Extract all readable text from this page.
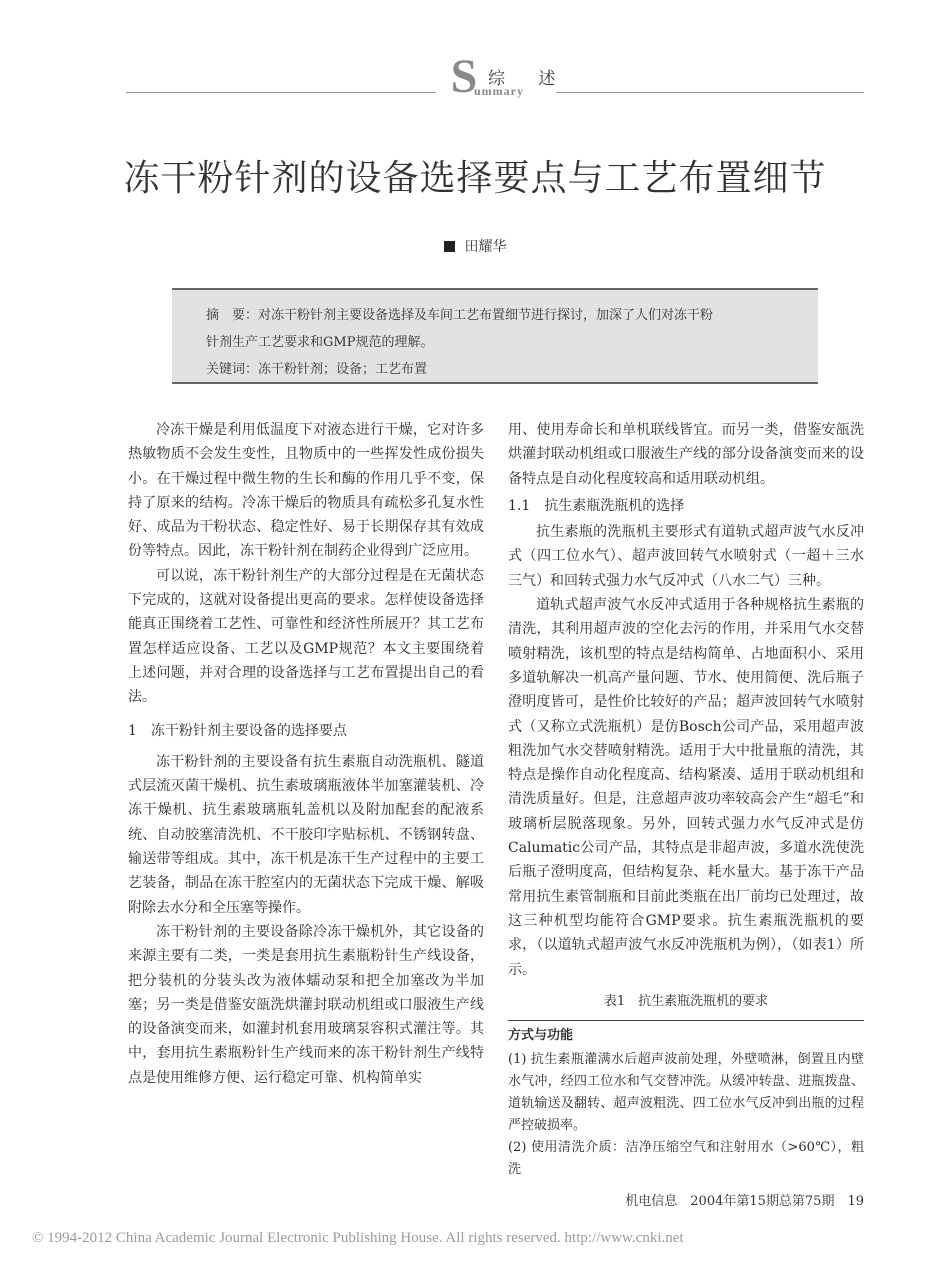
S 综 述
ummary
冻干粉针剂的设备选择要点与工艺布置细节
田耀华

摘　要：对冻干粉针剂主要设备选择及车间工艺布置细节进行探讨，加深了人们对冻干粉

针剂生产工艺要求和GMP规范的理解。

关键词：冻干粉针剂；设备；工艺布置

冷冻干燥是利用低温度下对液态进行干燥，它对许多热敏物质不会发生变性，且物质中的一些挥发性成份损失小。在干燥过程中微生物的生长和酶的作用几乎不变，保持了原来的结构。冷冻干燥后的物质具有疏松多孔复水性好、成品为干粉状态、稳定性好、易于长期保存其有效成份等特点。因此，冻干粉针剂在制药企业得到广泛应用。

可以说，冻干粉针剂生产的大部分过程是在无菌状态下完成的，这就对设备提出更高的要求。怎样使设备选择能真正围绕着工艺性、可靠性和经济性所展开？其工艺布置怎样适应设备、工艺以及GMP规范？本文主要围绕着上述问题，并对合理的设备选择与工艺布置提出自己的看法。

1　冻干粉针剂主要设备的选择要点

冻干粉针剂的主要设备有抗生素瓶自动洗瓶机、隧道式层流灭菌干燥机、抗生素玻璃瓶液体半加塞灌装机、冷冻干燥机、抗生素玻璃瓶轧盖机以及附加配套的配液系统、自动胶塞清洗机、不干胶印字贴标机、不锈钢转盘、输送带等组成。其中，冻干机是冻干生产过程中的主要工艺装备，制品在冻干腔室内的无菌状态下完成干燥、解吸附除去水分和全压塞等操作。

冻干粉针剂的主要设备除冷冻干燥机外，其它设备的来源主要有二类，一类是套用抗生素瓶粉针生产线设备，把分装机的分装头改为液体蠕动泵和把全加塞改为半加塞；另一类是借鉴安瓿洗烘灌封联动机组或口服液生产线的设备演变而来，如灌封机套用玻璃泵容积式灌注等。其中，套用抗生素瓶粉针生产线而来的冻干粉针剂生产线特点是使用维修方便、运行稳定可靠、机构简单实

用、使用寿命长和单机联线皆宜。而另一类，借鉴安瓿洗烘灌封联动机组或口服液生产线的部分设备演变而来的设备特点是自动化程度较高和适用联动机组。

1.1　抗生素瓶洗瓶机的选择

抗生素瓶的洗瓶机主要形式有道轨式超声波气水反冲式（四工位水气）、超声波回转气水喷射式（一超＋三水三气）和回转式强力水气反冲式（八水二气）三种。

道轨式超声波气水反冲式适用于各种规格抗生素瓶的清洗，其利用超声波的空化去污的作用，并采用气水交替喷射精洗，该机型的特点是结构简单、占地面积小、采用多道轨解决一机高产量问题、节水、使用简便、洗后瓶子澄明度皆可，是性价比较好的产品；超声波回转气水喷射式（又称立式洗瓶机）是仿Bosch公司产品，采用超声波粗洗加气水交替喷射精洗。适用于大中批量瓶的清洗，其特点是操作自动化程度高、结构紧凑、适用于联动机组和清洗质量好。但是，注意超声波功率较高会产生“超毛”和玻璃析层脱落现象。另外，回转式强力水气反冲式是仿Calumatic公司产品，其特点是非超声波，多道水洗使洗后瓶子澄明度高，但结构复杂、耗水量大。基于冻干产品常用抗生素管制瓶和目前此类瓶在出厂前均已处理过，故这三种机型均能符合GMP要求。抗生素瓶洗瓶机的要求，（以道轨式超声波气水反冲洗瓶机为例），（如表1）所示。

表1　抗生素瓶洗瓶机的要求

方式与功能

(1) 抗生素瓶灌满水后超声波前处理，外壁喷淋，倒置且内壁水气冲，经四工位水和气交替冲洗。从缓冲转盘、进瓶拨盘、道轨输送及翻转、超声波粗洗、四工位水气反冲到出瓶的过程严控破损率。

(2) 使用清洗介质：洁净压缩空气和注射用水（>60℃），粗洗

机电信息　2004年第15期总第75期　19
© 1994-2012 China Academic Journal Electronic Publishing House. All rights reserved. http://www.cnki.net
